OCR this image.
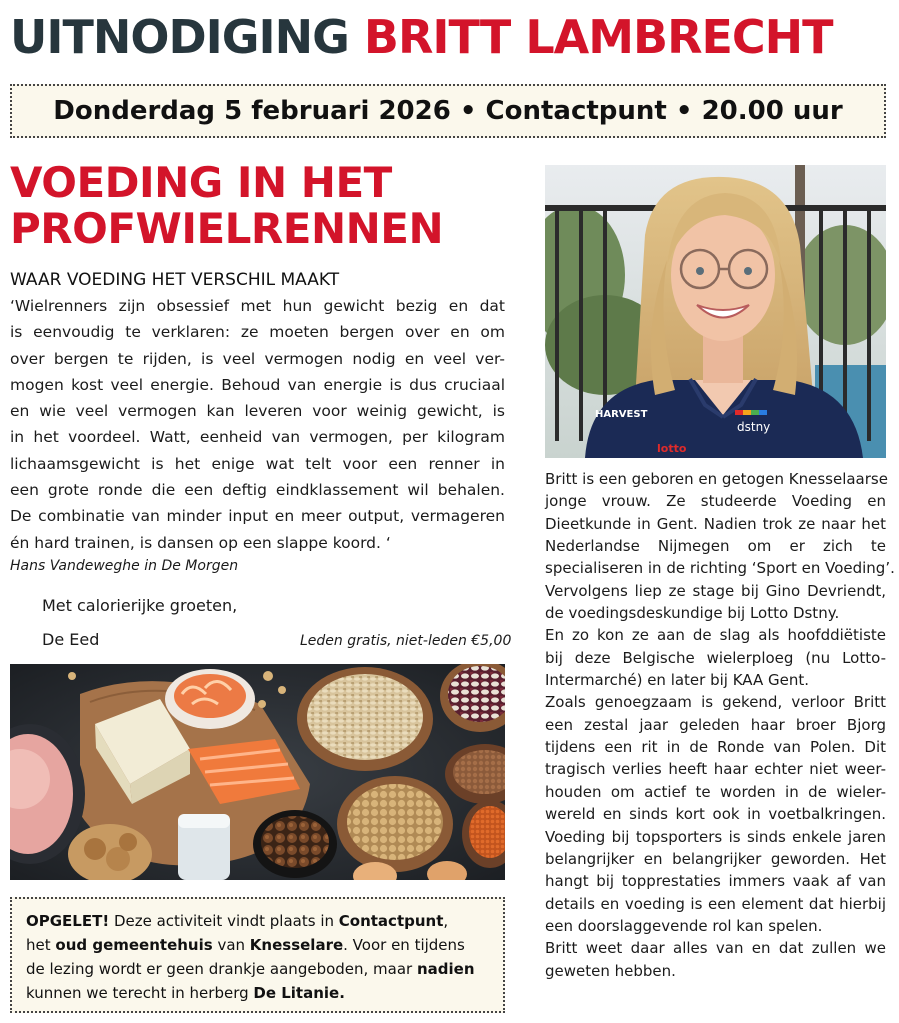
UITNODIGING BRITT LAMBRECHT
Donderdag 5 februari 2026 • Contactpunt • 20.00 uur
VOEDING IN HET
PROFWIELRENNEN
WAAR VOEDING HET VERSCHIL MAAKT
‘Wielrenners zijn obsessief met hun gewicht bezig en dat
is eenvoudig te verklaren: ze moeten bergen over en om
over bergen te rijden, is veel vermogen nodig en veel ver-
mogen kost veel energie. Behoud van energie is dus cruciaal
en wie veel vermogen kan leveren voor weinig gewicht, is
in het voordeel. Watt, eenheid van vermogen, per kilogram
lichaamsgewicht is het enige wat telt voor een renner in
een grote ronde die een deftig eindklassement wil behalen.
De combinatie van minder input en meer output, vermageren
én hard trainen, is dansen op een slappe koord. ‘
Hans Vandeweghe in De Morgen
Met calorierijke groeten,
De Eed	Leden gratis, niet-leden €5,00
OPGELET! Deze activiteit vindt plaats in Contactpunt,
het oud gemeentehuis van Knesselare. Voor en tijdens
de lezing wordt er geen drankje aangeboden, maar nadien
kunnen we terecht in herberg De Litanie.
HARVEST
lotto
dstny
Britt is een geboren en getogen Knesselaarse
jonge vrouw. Ze studeerde Voeding en
Dieetkunde in Gent. Nadien trok ze naar het
Nederlandse Nijmegen om er zich te
specialiseren in de richting ‘Sport en Voeding’.
Vervolgens liep ze stage bij Gino Devriendt,
de voedingsdeskundige bij Lotto Dstny.
En zo kon ze aan de slag als hoofddiëtiste
bij deze Belgische wielerploeg (nu Lotto-
Intermarché) en later bij KAA Gent.
Zoals genoegzaam is gekend, verloor Britt
een zestal jaar geleden haar broer Bjorg
tijdens een rit in de Ronde van Polen. Dit
tragisch verlies heeft haar echter niet weer-
houden om actief te worden in de wieler-
wereld en sinds kort ook in voetbalkringen.
Voeding bij topsporters is sinds enkele jaren
belangrijker en belangrijker geworden. Het
hangt bij topprestaties immers vaak af van
details en voeding is een element dat hierbij
een doorslaggevende rol kan spelen.
Britt weet daar alles van en dat zullen we
geweten hebben.
